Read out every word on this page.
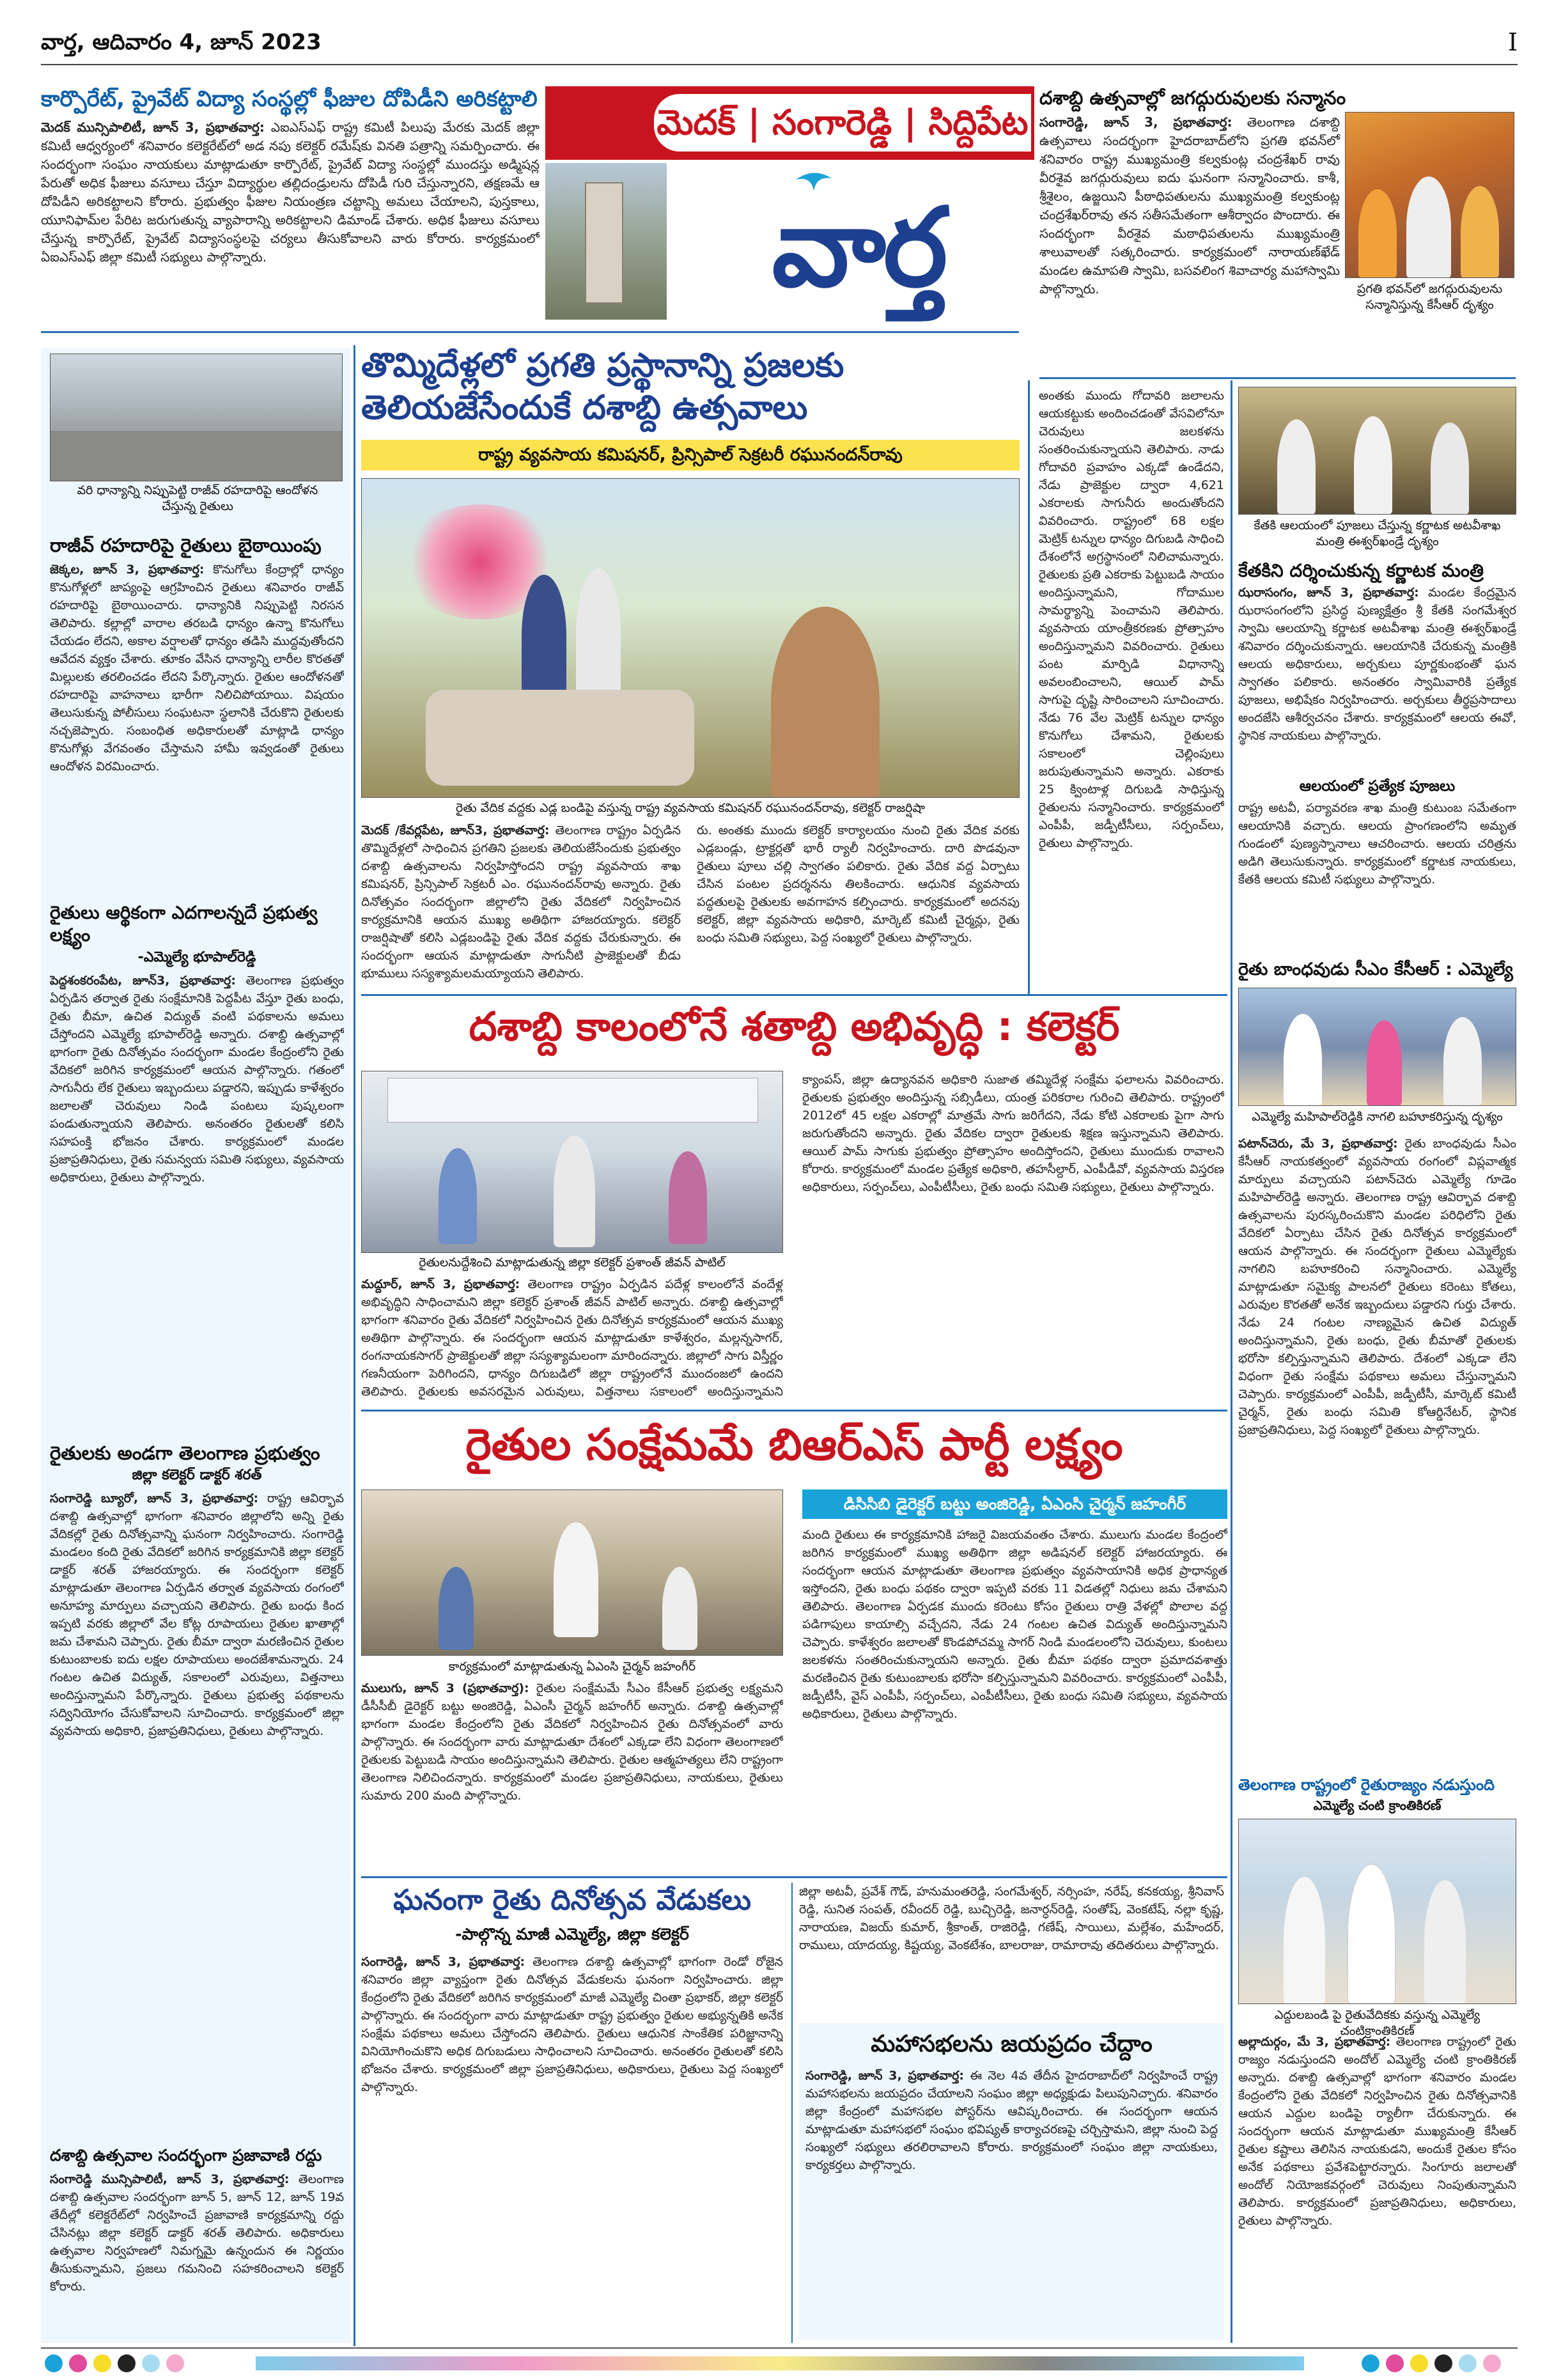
వార్త, ఆదివారం 4, జూన్ 2023	I
కార్పొరేట్, ప్రైవేట్ విద్యా సంస్థల్లో ఫీజుల దోపిడీని అరికట్టాలి
మెదక్ మున్సిపాలిటీ, జూన్ 3, ప్రభాతవార్త: ఎఐఎస్‌ఎఫ్ రాష్ట్ర కమిటీ పిలుపు మేరకు మెదక్ జిల్లా కమిటీ ఆధ్వర్యంలో శనివారం కలెక్టరేట్‌లో అడ నపు కలెక్టర్ రమేష్‌కు వినతి పత్రాన్ని సమర్పించారు. ఈ సందర్భంగా సంఘం నాయకులు మాట్లాడుతూ కార్పొరేట్, ప్రైవేట్ విద్యా సంస్థల్లో ముందస్తు అడ్మిషన్ల పేరుతో అధిక ఫీజులు వసూలు చేస్తూ విద్యార్థుల తల్లిదండ్రులను దోపిడీ గురి చేస్తున్నారని, తక్షణమే ఆ దోపిడీని అరికట్టాలని కోరారు. ప్రభుత్వం ఫీజుల నియంత్రణ చట్టాన్ని అమలు చేయాలని, పుస్తకాలు, యూనిఫామ్‌ల పేరిట జరుగుతున్న వ్యాపారాన్ని అరికట్టాలని డిమాండ్ చేశారు. అధిక ఫీజులు వసూలు చేస్తున్న కార్పొరేట్, ప్రైవేట్ విద్యాసంస్థలపై చర్యలు తీసుకోవాలని వారు కోరారు. కార్యక్రమంలో ఏఐఎస్ఎఫ్ జిల్లా కమిటీ సభ్యులు పాల్గొన్నారు.
మెదక్ | సంగారెడ్డి | సిద్దిపేట
వార్త
దశాబ్ది ఉత్సవాల్లో జగద్గురువులకు సన్మానం
సంగారెడ్డి, జూన్ 3, ప్రభాతవార్త: తెలంగాణ దశాబ్ది ఉత్సవాలు సందర్భంగా హైదరాబాద్‌లోని ప్రగతి భవన్‌లో శనివారం రాష్ట్ర ముఖ్యమంత్రి కల్వకుంట్ల చంద్రశేఖర్ రావు వీరశైవ జగద్గురువులు ఐదు ఘనంగా సన్మానించారు. కాశీ, శ్రీశైలం, ఉజ్జయిని పీఠాధిపతులను ముఖ్యమంత్రి కల్వకుంట్ల చంద్రశేఖర్‌రావు తన సతీసమేతంగా ఆశీర్వాదం పొందారు. ఈ సందర్భంగా వీరశైవ మఠాధిపతులను ముఖ్యమంత్రి శాలువాలతో సత్కరించారు. కార్యక్రమంలో నారాయణ్‌ఖేడ్ మండల ఉమాపతి స్వామి, బసవలింగ శివాచార్య మహాస్వామి పాల్గొన్నారు.	ప్రగతి భవన్‌లో జగద్గురువులను సన్మానిస్తున్న కేసీఆర్ దృశ్యం
వరి ధాన్యాన్ని నిప్పుపెట్టి రాజీవ్ రహదారిపై ఆందోళన చేస్తున్న రైతులు
రాజీవ్ రహదారిపై రైతులు బైఠాయింపు
జెక్కల, జూన్ 3, ప్రభాతవార్త: కొనుగోలు కేంద్రాల్లో ధాన్యం కొనుగోళ్లలో జాప్యంపై ఆగ్రహించిన రైతులు శనివారం రాజీవ్ రహదారిపై బైఠాయించారు. ధాన్యానికి నిప్పుపెట్టి నిరసన తెలిపారు. కల్లాల్లో వారాల తరబడి ధాన్యం ఉన్నా కొనుగోలు చేయడం లేదని, అకాల వర్షాలతో ధాన్యం తడిసి ముద్దవుతోందని ఆవేదన వ్యక్తం చేశారు. తూకం వేసిన ధాన్యాన్ని లారీల కొరతతో మిల్లులకు తరలించడం లేదని పేర్కొన్నారు. రైతుల ఆందోళనతో రహదారిపై వాహనాలు భారీగా నిలిచిపోయాయి. విషయం తెలుసుకున్న పోలీసులు సంఘటనా స్థలానికి చేరుకొని రైతులకు నచ్చజెప్పారు. సంబంధిత అధికారులతో మాట్లాడి ధాన్యం కొనుగోళ్లు వేగవంతం చేస్తామని హామీ ఇవ్వడంతో రైతులు ఆందోళన విరమించారు.
రైతులు ఆర్థికంగా ఎదగాలన్నదే ప్రభుత్వ లక్ష్యం
-ఎమ్మెల్యే భూపాల్‌రెడ్డి
పెద్దశంకరంపేట, జూన్3, ప్రభాతవార్త: తెలంగాణ ప్రభుత్వం ఏర్పడిన తర్వాత రైతు సంక్షేమానికి పెద్దపీట వేస్తూ రైతు బంధు, రైతు బీమా, ఉచిత విద్యుత్ వంటి పథకాలను అమలు చేస్తోందని ఎమ్మెల్యే భూపాల్‌రెడ్డి అన్నారు. దశాబ్ది ఉత్సవాల్లో భాగంగా రైతు దినోత్సవం సందర్భంగా మండల కేంద్రంలోని రైతు వేదికలో జరిగిన కార్యక్రమంలో ఆయన పాల్గొన్నారు. గతంలో సాగునీరు లేక రైతులు ఇబ్బందులు పడ్డారని, ఇప్పుడు కాళేశ్వరం జలాలతో చెరువులు నిండి పంటలు పుష్కలంగా పండుతున్నాయని తెలిపారు. అనంతరం రైతులతో కలిసి సహపంక్తి భోజనం చేశారు. కార్యక్రమంలో మండల ప్రజాప్రతినిధులు, రైతు సమన్వయ సమితి సభ్యులు, వ్యవసాయ అధికారులు, రైతులు పాల్గొన్నారు.
రైతులకు అండగా తెలంగాణ ప్రభుత్వం
జిల్లా కలెక్టర్ డాక్టర్ శరత్
సంగారెడ్డి బ్యూరో, జూన్ 3, ప్రభాతవార్త: రాష్ట్ర ఆవిర్భావ దశాబ్ది ఉత్సవాల్లో భాగంగా శనివారం జిల్లాలోని అన్ని రైతు వేదికల్లో రైతు దినోత్సవాన్ని ఘనంగా నిర్వహించారు. సంగారెడ్డి మండలం కంది రైతు వేదికలో జరిగిన కార్యక్రమానికి జిల్లా కలెక్టర్ డాక్టర్ శరత్ హాజరయ్యారు. ఈ సందర్భంగా కలెక్టర్ మాట్లాడుతూ తెలంగాణ ఏర్పడిన తర్వాత వ్యవసాయ రంగంలో అనూహ్య మార్పులు వచ్చాయని తెలిపారు. రైతు బంధు కింద ఇప్పటి వరకు జిల్లాలో వేల కోట్ల రూపాయలు రైతుల ఖాతాల్లో జమ చేశామని చెప్పారు. రైతు బీమా ద్వారా మరణించిన రైతుల కుటుంబాలకు ఐదు లక్షల రూపాయలు అందజేశామన్నారు. 24 గంటల ఉచిత విద్యుత్, సకాలంలో ఎరువులు, విత్తనాలు అందిస్తున్నామని పేర్కొన్నారు. రైతులు ప్రభుత్వ పథకాలను సద్వినియోగం చేసుకోవాలని సూచించారు. కార్యక్రమంలో జిల్లా వ్యవసాయ అధికారి, ప్రజాప్రతినిధులు, రైతులు పాల్గొన్నారు.
దశాబ్ది ఉత్సవాల సందర్భంగా ప్రజావాణి రద్దు
సంగారెడ్డి మున్సిపాలిటీ, జూన్ 3, ప్రభాతవార్త: తెలంగాణ దశాబ్ది ఉత్సవాల సందర్భంగా జూన్ 5, జూన్ 12, జూన్ 19వ తేదీల్లో కలెక్టరేట్‌లో నిర్వహించే ప్రజావాణి కార్యక్రమాన్ని రద్దు చేసినట్లు జిల్లా కలెక్టర్ డాక్టర్ శరత్ తెలిపారు. అధికారులు ఉత్సవాల నిర్వహణలో నిమగ్నమై ఉన్నందున ఈ నిర్ణయం తీసుకున్నామని, ప్రజలు గమనించి సహకరించాలని కలెక్టర్ కోరారు.
తొమ్మిదేళ్లలో ప్రగతి ప్రస్థానాన్ని ప్రజలకు
తెలియజేసేందుకే దశాబ్ది ఉత్సవాలు
రాష్ట్ర వ్యవసాయ కమిషనర్, ప్రిన్సిపాల్ సెక్రటరీ రఘునందన్‌రావు
రైతు వేదిక వద్దకు ఎడ్ల బండిపై వస్తున్న రాష్ట్ర వ్యవసాయ కమిషనర్ రఘునందన్‌రావు, కలెక్టర్ రాజర్షిషా
మెదక్ /కేవర్లపేట, జూన్3, ప్రభాతవార్త: తెలంగాణ రాష్ట్రం ఏర్పడిన తొమ్మిదేళ్లలో సాధించిన ప్రగతిని ప్రజలకు తెలియజేసేందుకు ప్రభుత్వం దశాబ్ది ఉత్సవాలను నిర్వహిస్తోందని రాష్ట్ర వ్యవసాయ శాఖ కమిషనర్, ప్రిన్సిపాల్ సెక్రటరీ ఎం. రఘునందన్‌రావు అన్నారు. రైతు దినోత్సవం సందర్భంగా జిల్లాలోని రైతు వేదికలో నిర్వహించిన కార్యక్రమానికి ఆయన ముఖ్య అతిథిగా హాజరయ్యారు. కలెక్టర్ రాజర్షిషాతో కలిసి ఎడ్లబండిపై రైతు వేదిక వద్దకు చేరుకున్నారు. ఈ సందర్భంగా ఆయన మాట్లాడుతూ సాగునీటి ప్రాజెక్టులతో బీడు భూములు సస్యశ్యామలమయ్యాయని తెలిపారు.
రు. అంతకు ముందు కలెక్టర్ కార్యాలయం నుంచి రైతు వేదిక వరకు ఎడ్లబండ్లు, ట్రాక్టర్లతో భారీ ర్యాలీ నిర్వహించారు. దారి పొడవునా రైతులు పూలు చల్లి స్వాగతం పలికారు. రైతు వేదిక వద్ద ఏర్పాటు చేసిన పంటల ప్రదర్శనను తిలకించారు. ఆధునిక వ్యవసాయ పద్ధతులపై రైతులకు అవగాహన కల్పించారు. కార్యక్రమంలో అదనపు కలెక్టర్, జిల్లా వ్యవసాయ అధికారి, మార్కెట్ కమిటీ చైర్మన్లు, రైతు బంధు సమితి సభ్యులు, పెద్ద సంఖ్యలో రైతులు పాల్గొన్నారు.
అంతకు ముందు గోదావరి జలాలను ఆయకట్టుకు అందించడంతో వేసవిలోనూ చెరువులు జలకళను సంతరించుకున్నాయని తెలిపారు. నాడు గోదావరి ప్రవాహం ఎక్కడో ఉండేదని, నేడు ప్రాజెక్టుల ద్వారా 4,621 ఎకరాలకు సాగునీరు అందుతోందని వివరించారు. రాష్ట్రంలో 68 లక్షల మెట్రిక్ టన్నుల ధాన్యం దిగుబడి సాధించి దేశంలోనే అగ్రస్థానంలో నిలిచామన్నారు. రైతులకు ప్రతి ఎకరాకు పెట్టుబడి సాయం అందిస్తున్నామని, గోదాముల సామర్థ్యాన్ని పెంచామని తెలిపారు. వ్యవసాయ యాంత్రీకరణకు ప్రోత్సాహం అందిస్తున్నామని వివరించారు. రైతులు పంట మార్పిడి విధానాన్ని అవలంబించాలని, ఆయిల్ పామ్ సాగుపై దృష్టి సారించాలని సూచించారు. నేడు 76 వేల మెట్రిక్ టన్నుల ధాన్యం కొనుగోలు చేశామని, రైతులకు సకాలంలో చెల్లింపులు జరుపుతున్నామని అన్నారు. ఎకరాకు 25 క్వింటాళ్ల దిగుబడి సాధిస్తున్న రైతులను సన్మానించారు. కార్యక్రమంలో ఎంపీపీ, జడ్పీటీసీలు, సర్పంచ్‌లు, రైతులు పాల్గొన్నారు.
కేతకి ఆలయంలో పూజలు చేస్తున్న కర్ణాటక అటవీశాఖ మంత్రి ఈశ్వర్‌ఖండ్రే దృశ్యం
కేతకిని దర్శించుకున్న కర్ణాటక మంత్రి
ఝరాసంగం, జూన్ 3, ప్రభాతవార్త: మండల కేంద్రమైన ఝరాసంగంలోని ప్రసిద్ధ పుణ్యక్షేత్రం శ్రీ కేతకి సంగమేశ్వర స్వామి ఆలయాన్ని కర్ణాటక అటవీశాఖ మంత్రి ఈశ్వర్‌ఖండ్రే శనివారం దర్శించుకున్నారు. ఆలయానికి చేరుకున్న మంత్రికి ఆలయ అధికారులు, అర్చకులు పూర్ణకుంభంతో ఘన స్వాగతం పలికారు. అనంతరం స్వామివారికి ప్రత్యేక పూజలు, అభిషేకం నిర్వహించారు. అర్చకులు తీర్థప్రసాదాలు అందజేసి ఆశీర్వచనం చేశారు. కార్యక్రమంలో ఆలయ ఈవో, స్థానిక నాయకులు పాల్గొన్నారు.
ఆలయంలో ప్రత్యేక పూజలు
రాష్ట్ర అటవీ, పర్యావరణ శాఖ మంత్రి కుటుంబ సమేతంగా ఆలయానికి వచ్చారు. ఆలయ ప్రాంగణంలోని అమృత గుండంలో పుణ్యస్నానాలు ఆచరించారు. ఆలయ చరిత్రను అడిగి తెలుసుకున్నారు. కార్యక్రమంలో కర్ణాటక నాయకులు, కేతకి ఆలయ కమిటీ సభ్యులు పాల్గొన్నారు.
రైతు బాంధవుడు సీఎం కేసీఆర్ : ఎమ్మెల్యే
ఎమ్మెల్యే మహిపాల్‌రెడ్డికి నాగలి బహూకరిస్తున్న దృశ్యం
పటాన్‌చెరు, మే 3, ప్రభాతవార్త: రైతు బాంధవుడు సీఎం కేసీఆర్ నాయకత్వంలో వ్యవసాయ రంగంలో విప్లవాత్మక మార్పులు వచ్చాయని పటాన్‌చెరు ఎమ్మెల్యే గూడెం మహిపాల్‌రెడ్డి అన్నారు. తెలంగాణ రాష్ట్ర ఆవిర్భావ దశాబ్ది ఉత్సవాలను పురస్కరించుకొని మండల పరిధిలోని రైతు వేదికలో ఏర్పాటు చేసిన రైతు దినోత్సవ కార్యక్రమంలో ఆయన పాల్గొన్నారు. ఈ సందర్భంగా రైతులు ఎమ్మెల్యేకు నాగలిని బహూకరించి సన్మానించారు. ఎమ్మెల్యే మాట్లాడుతూ సమైక్య పాలనలో రైతులు కరెంటు కోతలు, ఎరువుల కొరతతో అనేక ఇబ్బందులు పడ్డారని గుర్తు చేశారు. నేడు 24 గంటల నాణ్యమైన ఉచిత విద్యుత్ అందిస్తున్నామని, రైతు బంధు, రైతు బీమాతో రైతులకు భరోసా కల్పిస్తున్నామని తెలిపారు. దేశంలో ఎక్కడా లేని విధంగా రైతు సంక్షేమ పథకాలు అమలు చేస్తున్నామని చెప్పారు. కార్యక్రమంలో ఎంపీపీ, జడ్పీటీసీ, మార్కెట్ కమిటీ చైర్మన్, రైతు బంధు సమితి కోఆర్డినేటర్, స్థానిక ప్రజాప్రతినిధులు, పెద్ద సంఖ్యలో రైతులు పాల్గొన్నారు.
తెలంగాణ రాష్ట్రంలో రైతురాజ్యం నడుస్తుంది
ఎమ్మెల్యే చంటి క్రాంతికిరణ్
ఎద్దులబండి పై రైతువేదికకు వస్తున్న ఎమ్మెల్యే చంటిక్రాంతికిరణ్
అల్లాదుర్గం, మే 3, ప్రభాతవార్త: తెలంగాణ రాష్ట్రంలో రైతు రాజ్యం నడుస్తుందని అందోల్ ఎమ్మెల్యే చంటి క్రాంతికిరణ్ అన్నారు. దశాబ్ది ఉత్సవాల్లో భాగంగా శనివారం మండల కేంద్రంలోని రైతు వేదికలో నిర్వహించిన రైతు దినోత్సవానికి ఆయన ఎద్దుల బండిపై ర్యాలీగా చేరుకున్నారు. ఈ సందర్భంగా ఆయన మాట్లాడుతూ ముఖ్యమంత్రి కేసీఆర్ రైతుల కష్టాలు తెలిసిన నాయకుడని, అందుకే రైతుల కోసం అనేక పథకాలు ప్రవేశపెట్టారన్నారు. సింగూరు జలాలతో అందోల్ నియోజకవర్గంలో చెరువులు నింపుతున్నామని తెలిపారు. కార్యక్రమంలో ప్రజాప్రతినిధులు, అధికారులు, రైతులు పాల్గొన్నారు.
దశాబ్ది కాలంలోనే శతాబ్ది అభివృద్ధి : కలెక్టర్
రైతులనుద్దేశించి మాట్లాడుతున్న జిల్లా కలెక్టర్ ప్రశాంత్ జీవన్ పాటిల్
మద్దూర్, జూన్ 3, ప్రభాతవార్త: తెలంగాణ రాష్ట్రం ఏర్పడిన పదేళ్ల కాలంలోనే వందేళ్ల అభివృద్ధిని సాధించామని జిల్లా కలెక్టర్ ప్రశాంత్ జీవన్ పాటిల్ అన్నారు. దశాబ్ది ఉత్సవాల్లో భాగంగా శనివారం రైతు వేదికలో నిర్వహించిన రైతు దినోత్సవ కార్యక్రమంలో ఆయన ముఖ్య అతిథిగా పాల్గొన్నారు. ఈ సందర్భంగా ఆయన మాట్లాడుతూ కాళేశ్వరం, మల్లన్నసాగర్, రంగనాయకసాగర్ ప్రాజెక్టులతో జిల్లా సస్యశ్యామలంగా మారిందన్నారు. జిల్లాలో సాగు విస్తీర్ణం గణనీయంగా పెరిగిందని, ధాన్యం దిగుబడిలో జిల్లా రాష్ట్రంలోనే ముందంజలో ఉందని తెలిపారు. రైతులకు అవసరమైన ఎరువులు, విత్తనాలు సకాలంలో అందిస్తున్నామని
క్యాంపస్, జిల్లా ఉద్యానవన అధికారి సుజాత తమ్మిదేళ్ల సంక్షేమ ఫలాలను వివరించారు. రైతులకు ప్రభుత్వం అందిస్తున్న సబ్సిడీలు, యంత్ర పరికరాల గురించి తెలిపారు. రాష్ట్రంలో 2012లో 45 లక్షల ఎకరాల్లో మాత్రమే సాగు జరిగేదని, నేడు కోటి ఎకరాలకు పైగా సాగు జరుగుతోందని అన్నారు. రైతు వేదికల ద్వారా రైతులకు శిక్షణ ఇస్తున్నామని తెలిపారు. ఆయిల్ పామ్ సాగుకు ప్రభుత్వం ప్రోత్సాహం అందిస్తోందని, రైతులు ముందుకు రావాలని కోరారు. కార్యక్రమంలో మండల ప్రత్యేక అధికారి, తహసీల్దార్, ఎంపీడీవో, వ్యవసాయ విస్తరణ అధికారులు, సర్పంచ్‌లు, ఎంపీటీసీలు, రైతు బంధు సమితి సభ్యులు, రైతులు పాల్గొన్నారు.
రైతుల సంక్షేమమే బిఆర్ఎస్ పార్టీ లక్ష్యం
కార్యక్రమంలో మాట్లాడుతున్న ఏఎంసి చైర్మన్ జహంగీర్
ములుగు, జూన్ 3 (ప్రభాతవార్త): రైతుల సంక్షేమమే సీఎం కేసీఆర్ ప్రభుత్వ లక్ష్యమని డీసీసీబీ డైరెక్టర్ బట్టు అంజిరెడ్డి, ఏఎంసీ చైర్మన్ జహంగీర్ అన్నారు. దశాబ్ది ఉత్సవాల్లో భాగంగా మండల కేంద్రంలోని రైతు వేదికలో నిర్వహించిన రైతు దినోత్సవంలో వారు పాల్గొన్నారు. ఈ సందర్భంగా వారు మాట్లాడుతూ దేశంలో ఎక్కడా లేని విధంగా తెలంగాణలో రైతులకు పెట్టుబడి సాయం అందిస్తున్నామని తెలిపారు. రైతుల ఆత్మహత్యలు లేని రాష్ట్రంగా తెలంగాణ నిలిచిందన్నారు. కార్యక్రమంలో మండల ప్రజాప్రతినిధులు, నాయకులు, రైతులు సుమారు 200 మంది పాల్గొన్నారు.
డిసిసిబి డైరెక్టర్ బట్టు అంజిరెడ్డి, ఏఎంసి చైర్మన్ జహంగీర్
మంది రైతులు ఈ కార్యక్రమానికి హాజరై విజయవంతం చేశారు. ములుగు మండల కేంద్రంలో జరిగిన కార్యక్రమంలో ముఖ్య అతిథిగా జిల్లా అడిషనల్ కలెక్టర్ హాజరయ్యారు. ఈ సందర్భంగా ఆయన మాట్లాడుతూ తెలంగాణ ప్రభుత్వం వ్యవసాయానికి అధిక ప్రాధాన్యత ఇస్తోందని, రైతు బంధు పథకం ద్వారా ఇప్పటి వరకు 11 విడతల్లో నిధులు జమ చేశామని తెలిపారు. తెలంగాణ ఏర్పడక ముందు కరెంటు కోసం రైతులు రాత్రి వేళల్లో పొలాల వద్ద పడిగాపులు కాయాల్సి వచ్చేదని, నేడు 24 గంటల ఉచిత విద్యుత్ అందిస్తున్నామని చెప్పారు. కాళేశ్వరం జలాలతో కొండపోచమ్మ సాగర్ నిండి మండలంలోని చెరువులు, కుంటలు జలకళను సంతరించుకున్నాయని అన్నారు. రైతు బీమా పథకం ద్వారా ప్రమాదవశాత్తు మరణించిన రైతు కుటుంబాలకు భరోసా కల్పిస్తున్నామని వివరించారు. కార్యక్రమంలో ఎంపీపీ, జడ్పీటీసీ, వైస్ ఎంపీపీ, సర్పంచ్‌లు, ఎంపీటీసీలు, రైతు బంధు సమితి సభ్యులు, వ్యవసాయ అధికారులు, రైతులు పాల్గొన్నారు.
ఘనంగా రైతు దినోత్సవ వేడుకలు
-పాల్గొన్న మాజీ ఎమ్మెల్యే, జిల్లా కలెక్టర్
సంగారెడ్డి, జూన్ 3, ప్రభాతవార్త: తెలంగాణ దశాబ్ది ఉత్సవాల్లో భాగంగా రెండో రోజైన శనివారం జిల్లా వ్యాప్తంగా రైతు దినోత్సవ వేడుకలను ఘనంగా నిర్వహించారు. జిల్లా కేంద్రంలోని రైతు వేదికలో జరిగిన కార్యక్రమంలో మాజీ ఎమ్మెల్యే చింతా ప్రభాకర్, జిల్లా కలెక్టర్ పాల్గొన్నారు. ఈ సందర్భంగా వారు మాట్లాడుతూ రాష్ట్ర ప్రభుత్వం రైతుల అభ్యున్నతికి అనేక సంక్షేమ పథకాలు అమలు చేస్తోందని తెలిపారు. రైతులు ఆధునిక సాంకేతిక పరిజ్ఞానాన్ని వినియోగించుకొని అధిక దిగుబడులు సాధించాలని సూచించారు. అనంతరం రైతులతో కలిసి భోజనం చేశారు. కార్యక్రమంలో జిల్లా ప్రజాప్రతినిధులు, అధికారులు, రైతులు పెద్ద సంఖ్యలో పాల్గొన్నారు.
జిల్లా అటవీ, ప్రవేశ్ గౌడ్, హనుమంతరెడ్డి, సంగమేశ్వర్, నర్సింహ, నరేష్, కనకయ్య, శ్రీనివాస్ రెడ్డి, సునిత సంపత్, రవీందర్ రెడ్డి, బుచ్చిరెడ్డి, జనార్ధన్‌రెడ్డి, సంతోష్, వెంకటేష్, నల్లా కృష్ణ, నారాయణ, విజయ్ కుమార్, శ్రీకాంత్, రాజిరెడ్డి, గణేష్, సాయిలు, మల్లేశం, మహేందర్, రాములు, యాదయ్య, కిష్టయ్య, వెంకటేశం, బాలరాజు, రామారావు తదితరులు పాల్గొన్నారు.
మహాసభలను జయప్రదం చేద్దాం
సంగారెడ్డి, జూన్ 3, ప్రభాతవార్త: ఈ నెల 4వ తేదీన హైదరాబాద్‌లో నిర్వహించే రాష్ట్ర మహాసభలను జయప్రదం చేయాలని సంఘం జిల్లా అధ్యక్షుడు పిలుపునిచ్చారు. శనివారం జిల్లా కేంద్రంలో మహాసభల పోస్టర్‌ను ఆవిష్కరించారు. ఈ సందర్భంగా ఆయన మాట్లాడుతూ మహాసభలో సంఘం భవిష్యత్ కార్యాచరణపై చర్చిస్తామని, జిల్లా నుంచి పెద్ద సంఖ్యలో సభ్యులు తరలిరావాలని కోరారు. కార్యక్రమంలో సంఘం జిల్లా నాయకులు, కార్యకర్తలు పాల్గొన్నారు.
